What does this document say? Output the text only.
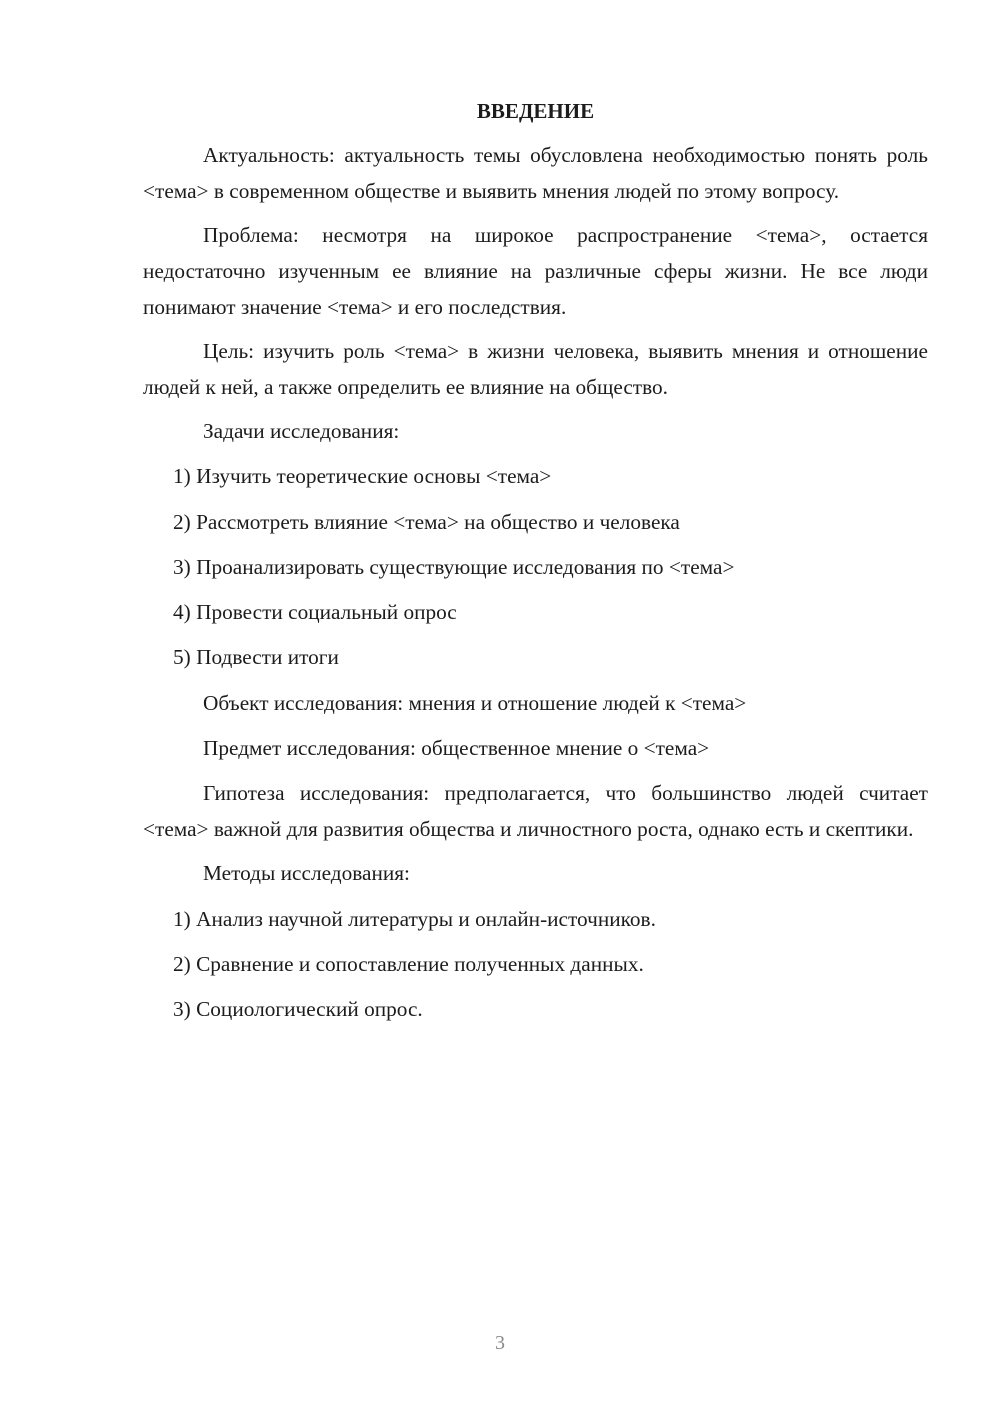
ВВЕДЕНИЕ

Актуальность: актуальность темы обусловлена необходимостью понять роль <тема> в современном обществе и выявить мнения людей по этому вопросу.

Проблема: несмотря на широкое распространение <тема>, остается недостаточно изученным ее влияние на различные сферы жизни. Не все люди понимают значение <тема> и его последствия.

Цель: изучить роль <тема> в жизни человека, выявить мнения и отношение людей к ней, а также определить ее влияние на общество.

Задачи исследования:

1) Изучить теоретические основы <тема>

2) Рассмотреть влияние <тема> на общество и человека

3) Проанализировать существующие исследования по <тема>

4) Провести социальный опрос

5) Подвести итоги

Объект исследования: мнения и отношение людей к <тема>

Предмет исследования: общественное мнение о <тема>

Гипотеза исследования: предполагается, что большинство людей считает <тема> важной для развития общества и личностного роста, однако есть и скептики.

Методы исследования:

1) Анализ научной литературы и онлайн-источников.

2) Сравнение и сопоставление полученных данных.

3) Социологический опрос.

3
